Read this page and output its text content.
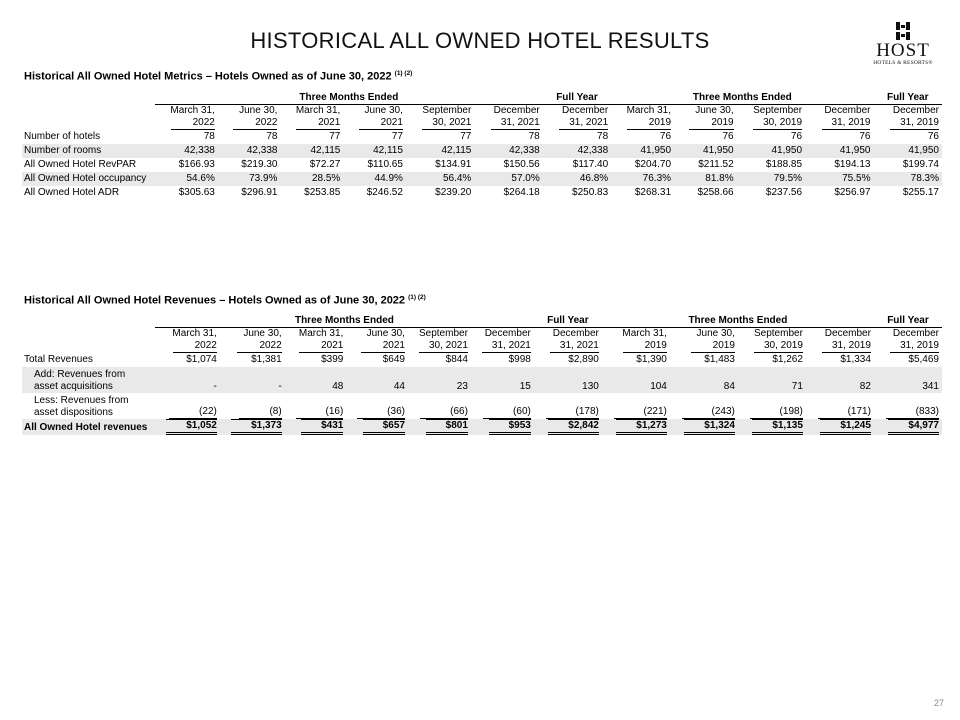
HISTORICAL ALL OWNED HOTEL RESULTS	HOST
HOTELS & RESORTS®
Historical All Owned Hotel Metrics – Hotels Owned as of June 30, 2022 $^{(1) (2)}$
	Three Months Ended						Full Year	Three Months Ended				Full Year
	March 31,	June 30,	March 31,	June 30,	September	December	December	March 31,	June 30,	September	December	December
	2022	2022	2021	2021	30, 2021	31, 2021	31, 2021	2019	2019	30, 2019	31, 2019	31, 2019
Number of hotels	78	78	77	77	77	78	78	76	76	76	76	76
Number of rooms	42,338	42,338	42,115	42,115	42,115	42,338	42,338	41,950	41,950	41,950	41,950	41,950
All Owned Hotel RevPAR	$166.93	$219.30	$72.27	$110.65	$134.91	$150.56	$117.40	$204.70	$211.52	$188.85	$194.13	$199.74
All Owned Hotel occupancy	54.6%	73.9%	28.5%	44.9%	56.4%	57.0%	46.8%	76.3%	81.8%	79.5%	75.5%	78.3%
All Owned Hotel ADR	$305.63	$296.91	$253.85	$246.52	$239.20	$264.18	$250.83	$268.31	$258.66	$237.56	$256.97	$255.17
Historical All Owned Hotel Revenues – Hotels Owned as of June 30, 2022 $^{(1) (2)}$
	Three Months Ended						Full Year	Three Months Ended				Full Year
	March 31,	June 30,	March 31,	June 30,	September	December	December	March 31,	June 30,	September	December	December
	2022	2022	2021	2021	30, 2021	31, 2021	31, 2021	2019	2019	30, 2019	31, 2019	31, 2019
Total Revenues	$1,074	$1,381	$399	$649	$844	$998	$2,890	$1,390	$1,483	$1,262	$1,334	$5,469
Add: Revenues from
asset acquisitions	-	-	48	44	23	15	130	104	84	71	82	341
Less: Revenues from
asset dispositions	(22)	(8)	(16)	(36)	(66)	(60)	(178)	(221)	(243)	(198)	(171)	(833)
All Owned Hotel revenues	$1,052	$1,373	$431	$657	$801	$953	$2,842	$1,273	$1,324	$1,135	$1,245	$4,977
27
